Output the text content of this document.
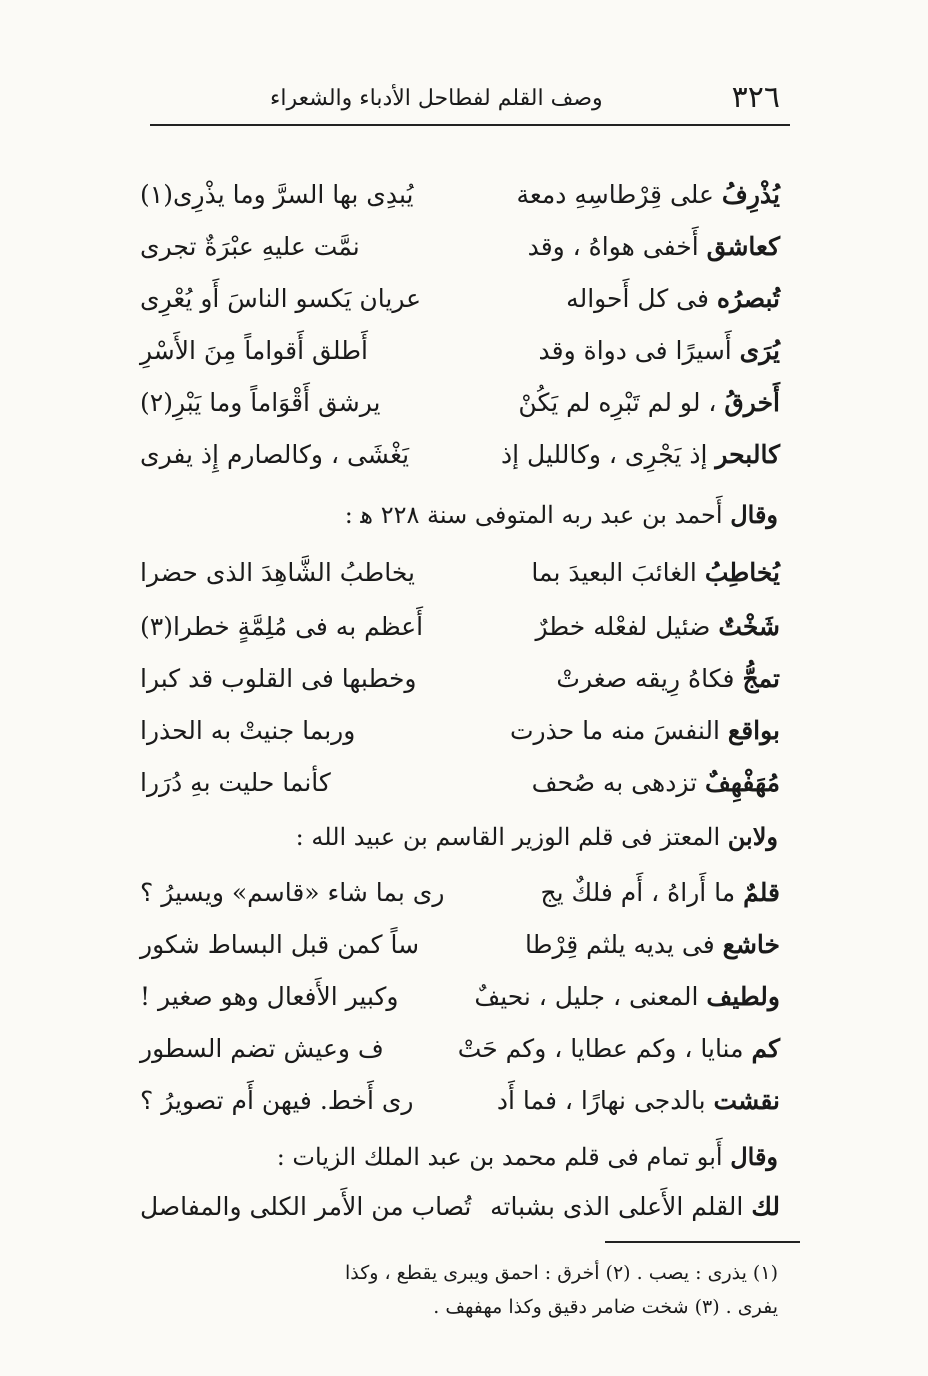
٣٢٦
وصف القلم لفطاحل الأدباء والشعراء
يُذْرِفُ على قِرْطاسِهِ دمعة
يُبدِى بها السرَّ وما يذْرِى(١)
كعاشق أَخفى هواهُ ، وقد
نمَّت عليهِ عبْرَةٌ تجرى
تُبصرُه فى كل أَحواله
عريان يَكسو الناسَ أَو يُعْرِى
يُرَى أَسيرًا فى دواة وقد
أَطلق أَقواماً مِنَ الأَسْرِ
أَخرقُ ، لو لم تَبْرِه لم يَكُنْ
يرشق أَقْوَاماً وما يَبْرِ(٢)
كالبحر إذ يَجْرِى ، وكالليل إذ
يَغْشَى ، وكالصارم إِذ يفرى
وقال أَحمد بن عبد ربه المتوفى سنة ٢٢٨ ﻫ :
يُخاطِبُ الغائبَ البعيدَ بما
يخاطبُ الشَّاهِدَ الذى حضرا
شَخْتٌ ضئيل لفعْله خطرٌ
أَعظم به فى مُلِمَّةٍ خطرا(٣)
تمجُّ فكاهُ رِيقه صغرتْ
وخطبها فى القلوب قد كبرا
بواقع النفسَ منه ما حذرت
وربما جنيتْ به الحذرا
مُهَفْهِفٌ تزدهى به صُحف
كأنما حليت بهِ دُرَرا
ولابن المعتز فى قلم الوزير القاسم بن عبيد الله :
قلمٌ ما أَراهُ ، أَم فلكٌ يج
رى بما شاء «قاسم» ويسيرُ ؟
خاشع فى يديه يلثم قِرْطا
ساً كمن قبل البساط شكور
ولطيف المعنى ، جليل ، نحيفٌ
وكبير الأَفعال وهو صغير !
كم منايا ، وكم عطايا ، وكم حَتْ
ف وعيش تضم السطور
نقشت بالدجى نهارًا ، فما أَد
رى أَخط. فيهن أَم تصويرُ ؟
وقال أَبو تمام فى قلم محمد بن عبد الملك الزيات :
لك القلم الأَعلى الذى بشباته
تُصاب من الأَمر الكلى والمفاصل
(١) يذرى : يصب . (٢) أخرق : احمق ويبرى يقطع ، وكذا
يفرى . (٣) شخت ضامر دقيق وكذا مهفهف .
